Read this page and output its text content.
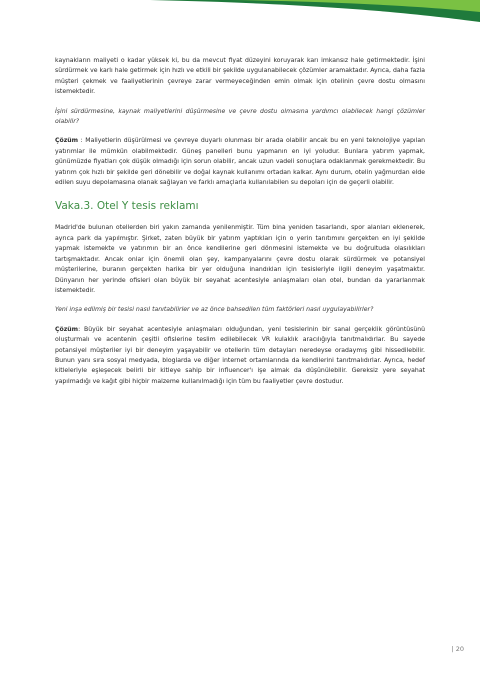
kaynakların maliyeti o kadar yüksek ki, bu da mevcut fiyat düzeyini koruyarak karı imkansız hale getirmektedir. İşini sürdürmek ve karlı hale getirmek için hızlı ve etkili bir şekilde uygulanabilecek çözümler aramaktadır. Ayrıca, daha fazla müşteri çekmek ve faaliyetlerinin çevreye zarar vermeyeceğinden emin olmak için otelinin çevre dostu olmasını istemektedir.

İşini sürdürmesine, kaynak maliyetlerini düşürmesine ve çevre dostu olmasına yardımcı olabilecek hangi çözümler olabilir?

Çözüm : Maliyetlerin düşürülmesi ve çevreye duyarlı olunması bir arada olabilir ancak bu en yeni teknolojiye yapılan yatırımlar ile mümkün olabilmektedir. Güneş panelleri bunu yapmanın en iyi yoludur. Bunlara yatırım yapmak, günümüzde fiyatları çok düşük olmadığı için sorun olabilir, ancak uzun vadeli sonuçlara odaklanmak gerekmektedir. Bu yatırım çok hızlı bir şekilde geri dönebilir ve doğal kaynak kullanımı ortadan kalkar. Aynı durum, otelin yağmurdan elde edilen suyu depolamasına olanak sağlayan ve farklı amaçlarla kullanılabilen su depoları için de geçerli olabilir.

Vaka.3. Otel Y tesis reklamı

Madrid'de bulunan otellerden biri yakın zamanda yenilenmiştir. Tüm bina yeniden tasarlandı, spor alanları eklenerek, ayrıca park da yapılmıştır. Şirket, zaten büyük bir yatırım yaptıkları için o yerin tanıtımını gerçekten en iyi şekilde yapmak istemekte ve yatırımın bir an önce kendilerine geri dönmesini istemekte ve bu doğrultuda olasılıkları tartışmaktadır. Ancak onlar için önemli olan şey, kampanyalarını çevre dostu olarak sürdürmek ve potansiyel müşterilerine, buranın gerçekten harika bir yer olduğuna inandıkları için tesisleriyle ilgili deneyim yaşatmaktır. Dünyanın her yerinde ofisleri olan büyük bir seyahat acentesiyle anlaşmaları olan otel, bundan da yararlanmak istemektedir.

Yeni inşa edilmiş bir tesisi nasıl tanıtabilirler ve az önce bahsedilen tüm faktörleri nasıl uygulayabilirler?

Çözüm: Büyük bir seyahat acentesiyle anlaşmaları olduğundan, yeni tesislerinin bir sanal gerçeklik görüntüsünü oluşturmalı ve acentenin çeşitli ofislerine teslim edilebilecek VR kulaklık aracılığıyla tanıtmalıdırlar. Bu sayede potansiyel müşteriler iyi bir deneyim yaşayabilir ve otellerin tüm detayları neredeyse oradaymış gibi hissedilebilir. Bunun yanı sıra sosyal medyada, bloglarda ve diğer internet ortamlarında da kendilerini tanıtmalıdırlar. Ayrıca, hedef kitleleriyle eşleşecek belirli bir kitleye sahip bir influencer'ı işe almak da düşünülebilir. Gereksiz yere seyahat yapılmadığı ve kağıt gibi hiçbir malzeme kullanılmadığı için tüm bu faaliyetler çevre dostudur.

| 20
